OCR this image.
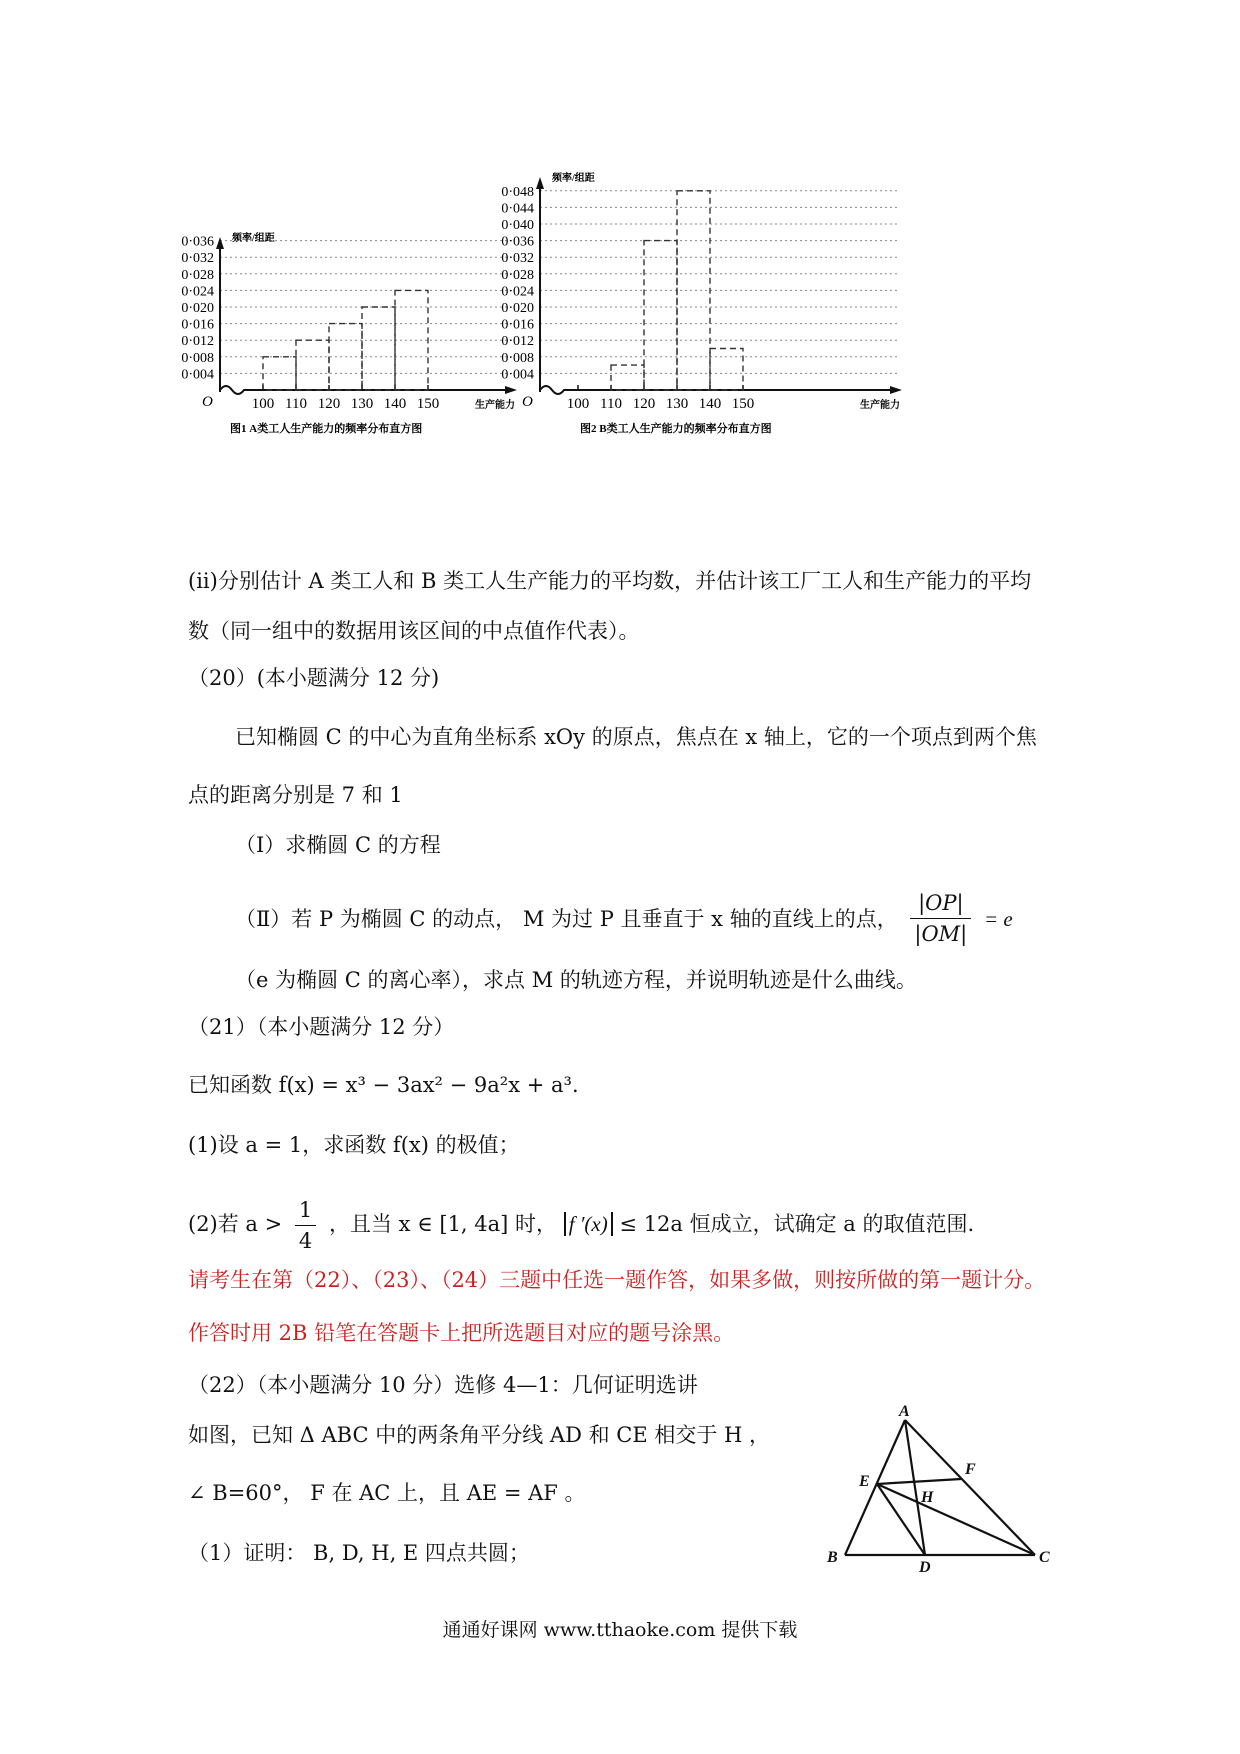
0·004
0·008
0·012
0·016
0·020
0·024
0·028
0·032
0·036
O
频率/组距
生产能力
100 110 120 130 140 150
图1 A类工人生产能力的频率分布直方图
0·004
0·008
0·012
0·016
0·020
0·024
0·028
0·032
0·036
0·040
0·044
0·048
O
频率/组距
生产能力
100 110 120 130 140 150
图2 B类工人生产能力的频率分布直方图
(ii)分别估计 A 类工人和 B 类工人生产能力的平均数，并估计该工厂工人和生产能力的平均
数（同一组中的数据用该区间的中点值作代表）。
（20）(本小题满分 12 分)
已知椭圆 C 的中心为直角坐标系 xOy 的原点，焦点在 x 轴上，它的一个项点到两个焦
点的距离分别是 7 和 1
（Ⅰ）求椭圆 C 的方程
（Ⅱ）若 P 为椭圆 C 的动点， M 为过 P 且垂直于 x 轴的直线上的点， $\frac{|OP|}{|OM|} = e$
（e 为椭圆 C 的离心率），求点 M 的轨迹方程，并说明轨迹是什么曲线。
（21）（本小题满分 12 分）
已知函数 f(x) = x³ − 3ax² − 9a²x + a³.
(1)设 a = 1，求函数 f(x) 的极值；
(2)若 $a > \frac{1}{4}$ ，且当 x ∈ [1, 4a] 时， f ′(x) ≤ 12a 恒成立，试确定 a 的取值范围.
请考生在第（22）、（23）、（24）三题中任选一题作答，如果多做，则按所做的第一题计分。
作答时用 2B 铅笔在答题卡上把所选题目对应的题号涂黑。
（22）（本小题满分 10 分）选修 4—1：几何证明选讲
如图，已知 Δ ABC 中的两条角平分线 AD 和 CE 相交于 H ，
∠ B=60°， F 在 AC 上，且 AE = AF 。
（1）证明： B, D, H, E 四点共圆；
A
B	C
D
E
F
H
通通好课网 www.tthaoke.com 提供下载
